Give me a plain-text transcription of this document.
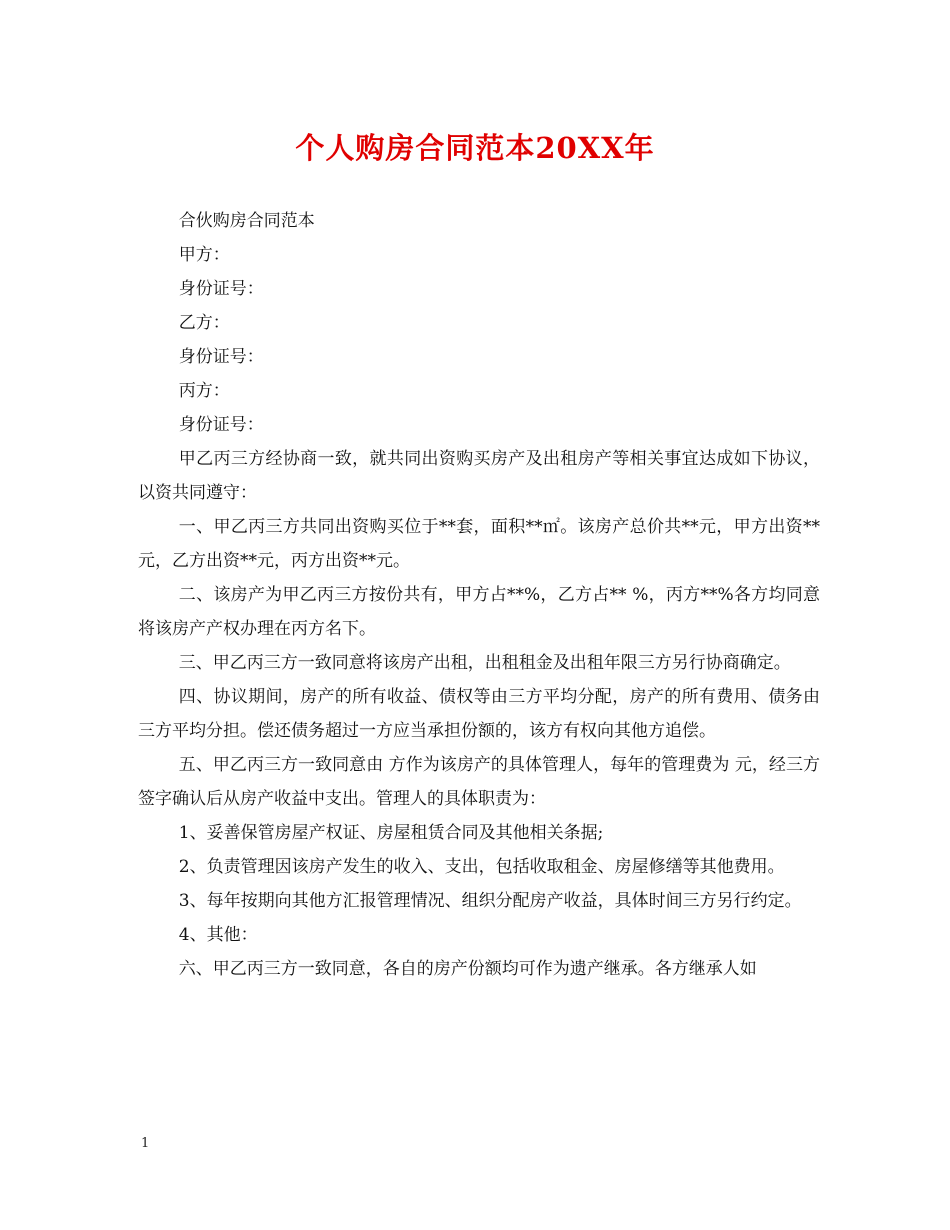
个人购房合同范本20XX年

合伙购房合同范本

甲方：

身份证号：

乙方：

身份证号：

丙方：

身份证号：

甲乙丙三方经协商一致，就共同出资购买房产及出租房产等相关事宜达成如下协议，以资共同遵守：

一、甲乙丙三方共同出资购买位于**套，面积**㎡。该房产总价共**元，甲方出资**元，乙方出资**元，丙方出资**元。

二、该房产为甲乙丙三方按份共有，甲方占**%，乙方占** %，丙方**%各方均同意将该房产产权办理在丙方名下。

三、甲乙丙三方一致同意将该房产出租，出租租金及出租年限三方另行协商确定。

四、协议期间，房产的所有收益、债权等由三方平均分配，房产的所有费用、债务由三方平均分担。偿还债务超过一方应当承担份额的，该方有权向其他方追偿。

五、甲乙丙三方一致同意由 方作为该房产的具体管理人，每年的管理费为 元，经三方签字确认后从房产收益中支出。管理人的具体职责为：

1、妥善保管房屋产权证、房屋租赁合同及其他相关条据;

2、负责管理因该房产发生的收入、支出，包括收取租金、房屋修缮等其他费用。

3、每年按期向其他方汇报管理情况、组织分配房产收益，具体时间三方另行约定。

4、其他：

六、甲乙丙三方一致同意，各自的房产份额均可作为遗产继承。各方继承人如

1
